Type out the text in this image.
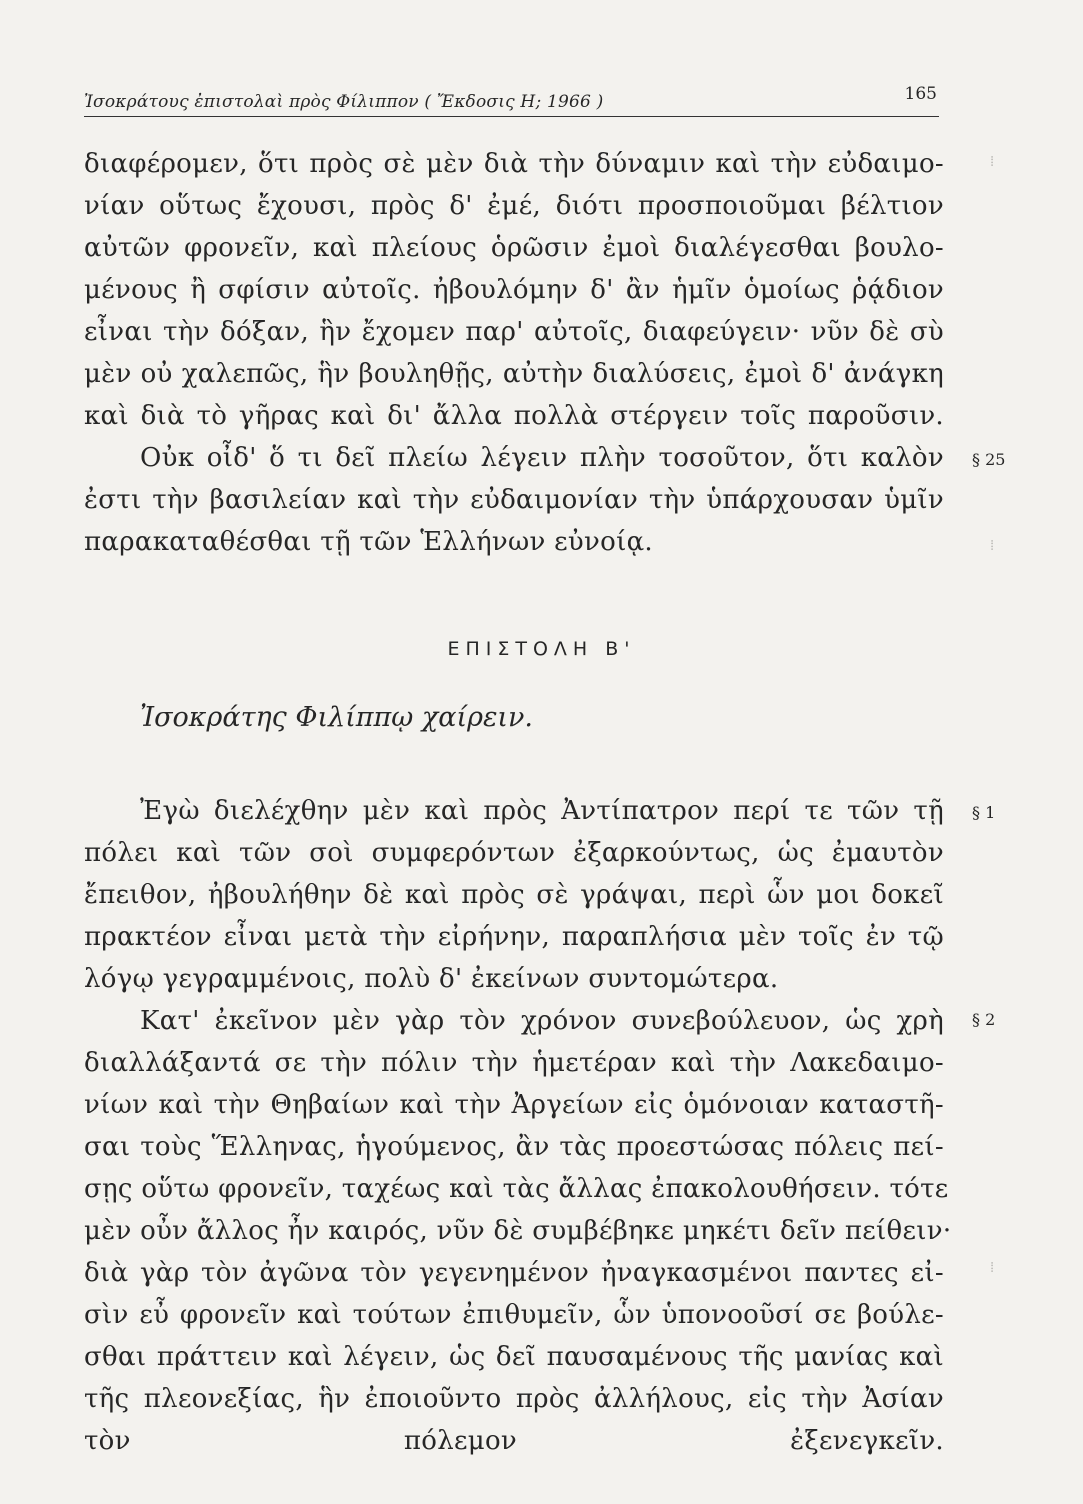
Ἰσοκράτους ἐπιστολαὶ πρὸς Φίλιππον ( Ἔκδοσις Η; 1966 )	165
διαφέρομεν, ὅτι πρὸς σὲ μὲν διὰ τὴν δύναμιν καὶ τὴν εὐδαιμο-
νίαν οὕτως ἔχουσι, πρὸς δ' ἐμέ, διότι προσποιοῦμαι βέλτιον
αὐτῶν φρονεῖν, καὶ πλείους ὁρῶσιν ἐμοὶ διαλέγεσθαι βουλο-
μένους ἢ σφίσιν αὐτοῖς. ἠβουλόμην δ' ἂν ἡμῖν ὁμοίως ῥᾴδιον
εἶναι τὴν δόξαν, ἣν ἔχομεν παρ' αὐτοῖς, διαφεύγειν· νῦν δὲ σὺ
μὲν οὐ χαλεπῶς, ἣν βουληθῇς, αὐτὴν διαλύσεις, ἐμοὶ δ' ἀνάγκη
καὶ διὰ τὸ γῆρας καὶ δι' ἄλλα πολλὰ στέργειν τοῖς παροῦσιν.
Οὐκ οἶδ' ὅ τι δεῖ πλείω λέγειν πλὴν τοσοῦτον, ὅτι καλὸν
ἐστι τὴν βασιλείαν καὶ τὴν εὐδαιμονίαν τὴν ὑπάρχουσαν ὑμῖν
παρακαταθέσθαι τῇ τῶν Ἑλλήνων εὐνοίᾳ.
§ 25
ΕΠΙΣΤΟΛΗ Β'
Ἰσοκράτης Φιλίππῳ χαίρειν.
Ἐγὼ διελέχθην μὲν καὶ πρὸς Ἀντίπατρον περί τε τῶν τῇ
πόλει καὶ τῶν σοὶ συμφερόντων ἐξαρκούντως, ὡς ἐμαυτὸν
ἔπειθον, ἠβουλήθην δὲ καὶ πρὸς σὲ γράψαι, περὶ ὧν μοι δοκεῖ
πρακτέον εἶναι μετὰ τὴν εἰρήνην, παραπλήσια μὲν τοῖς ἐν τῷ
λόγῳ γεγραμμένοις, πολὺ δ' ἐκείνων συντομώτερα.
§ 1
Κατ' ἐκεῖνον μὲν γὰρ τὸν χρόνον συνεβούλευον, ὡς χρὴ
διαλλάξαντά σε τὴν πόλιν τὴν ἡμετέραν καὶ τὴν Λακεδαιμο-
νίων καὶ τὴν Θηβαίων καὶ τὴν Ἀργείων εἰς ὁμόνοιαν καταστῆ-
σαι τοὺς Ἕλληνας, ἡγούμενος, ἂν τὰς προεστώσας πόλεις πεί-
σῃς οὕτω φρονεῖν, ταχέως καὶ τὰς ἄλλας ἐπακολουθήσειν. τότε
μὲν οὖν ἄλλος ἦν καιρός, νῦν δὲ συμβέβηκε μηκέτι δεῖν πείθειν·
διὰ γὰρ τὸν ἀγῶνα τὸν γεγενημένον ἠναγκασμένοι παντες εἰ-
σὶν εὖ φρονεῖν καὶ τούτων ἐπιθυμεῖν, ὧν ὑπονοοῦσί σε βούλε-
σθαι πράττειν καὶ λέγειν, ὡς δεῖ παυσαμένους τῆς μανίας καὶ
τῆς πλεονεξίας, ἣν ἐποιοῦντο πρὸς ἀλλήλους, εἰς τὴν Ἀσίαν
τὸν πόλεμον ἐξενεγκεῖν.
§ 2
⁞
⁞
⁞
